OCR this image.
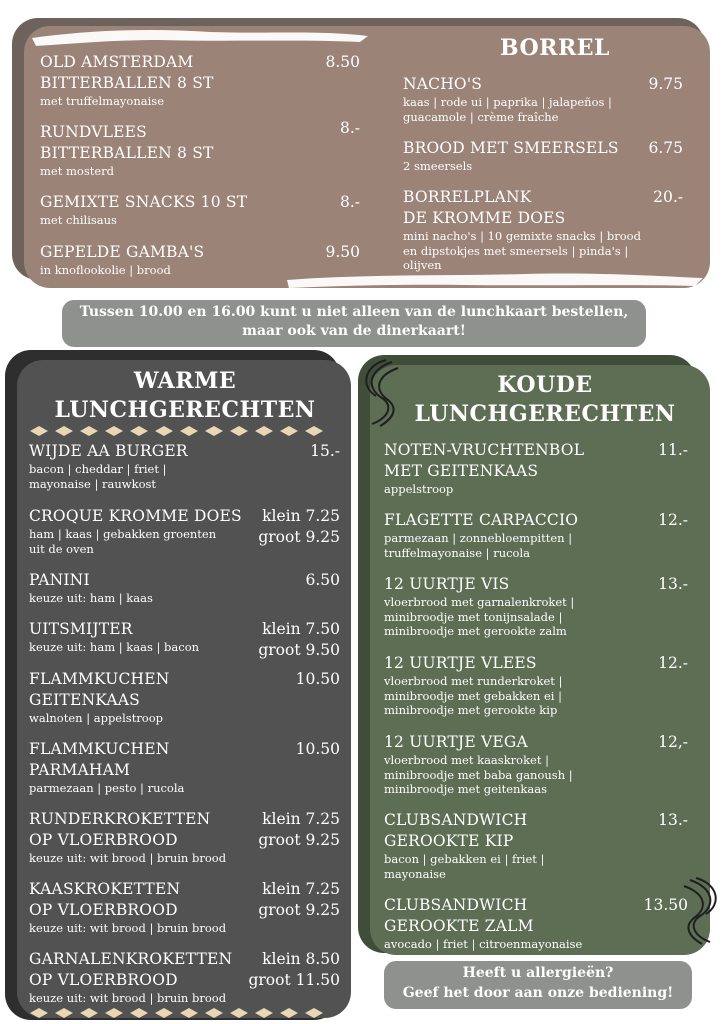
BORREL
OLD AMSTERDAM
BITTERBALLEN 8 ST
met truffelmayonaise
8.50
RUNDVLEES
BITTERBALLEN 8 ST
met mosterd
8.-
GEMIXTE SNACKS 10 ST
met chilisaus
8.-
GEPELDE GAMBA'S
in knoflookolie | brood
9.50
NACHO'S
kaas | rode ui | paprika | jalapeños |
guacamole | crème fraîche
9.75
BROOD MET SMEERSELS
2 smeersels
6.75
BORRELPLANK
DE KROMME DOES
mini nacho's | 10 gemixte snacks | brood
en dipstokjes met smeersels | pinda's |
olijven
20.-
Tussen 10.00 en 16.00 kunt u niet alleen van de lunchkaart bestellen,
maar ook van de dinerkaart!
WARME
LUNCHGERECHTEN
WIJDE AA BURGER
bacon | cheddar | friet |
mayonaise | rauwkost
15.-
CROQUE KROMME DOES
ham | kaas | gebakken groenten
uit de oven
klein 7.25
groot 9.25
PANINI
keuze uit: ham | kaas
6.50
UITSMIJTER
keuze uit: ham | kaas | bacon
klein 7.50
groot 9.50
FLAMMKUCHEN
GEITENKAAS
walnoten | appelstroop
10.50
FLAMMKUCHEN
PARMAHAM
parmezaan | pesto | rucola
10.50
RUNDERKROKETTEN
OP VLOERBROOD
keuze uit: wit brood | bruin brood
klein 7.25
groot 9.25
KAASKROKETTEN
OP VLOERBROOD
keuze uit: wit brood | bruin brood
klein 7.25
groot 9.25
GARNALENKROKETTEN
OP VLOERBROOD
keuze uit: wit brood | bruin brood
klein 8.50
groot 11.50
KOUDE
LUNCHGERECHTEN
NOTEN-VRUCHTENBOL
MET GEITENKAAS
appelstroop
11.-
FLAGETTE CARPACCIO
parmezaan | zonnebloempitten |
truffelmayonaise | rucola
12.-
12 UURTJE VIS
vloerbrood met garnalenkroket |
minibroodje met tonijnsalade |
minibroodje met gerookte zalm
13.-
12 UURTJE VLEES
vloerbrood met runderkroket |
minibroodje met gebakken ei |
minibroodje met gerookte kip
12.-
12 UURTJE VEGA
vloerbrood met kaaskroket |
minibroodje met baba ganoush |
minibroodje met geitenkaas
12,-
CLUBSANDWICH
GEROOKTE KIP
bacon | gebakken ei | friet |
mayonaise
13.-
CLUBSANDWICH
GEROOKTE ZALM
avocado | friet | citroenmayonaise
13.50
Heeft u allergieën?
Geef het door aan onze bediening!
